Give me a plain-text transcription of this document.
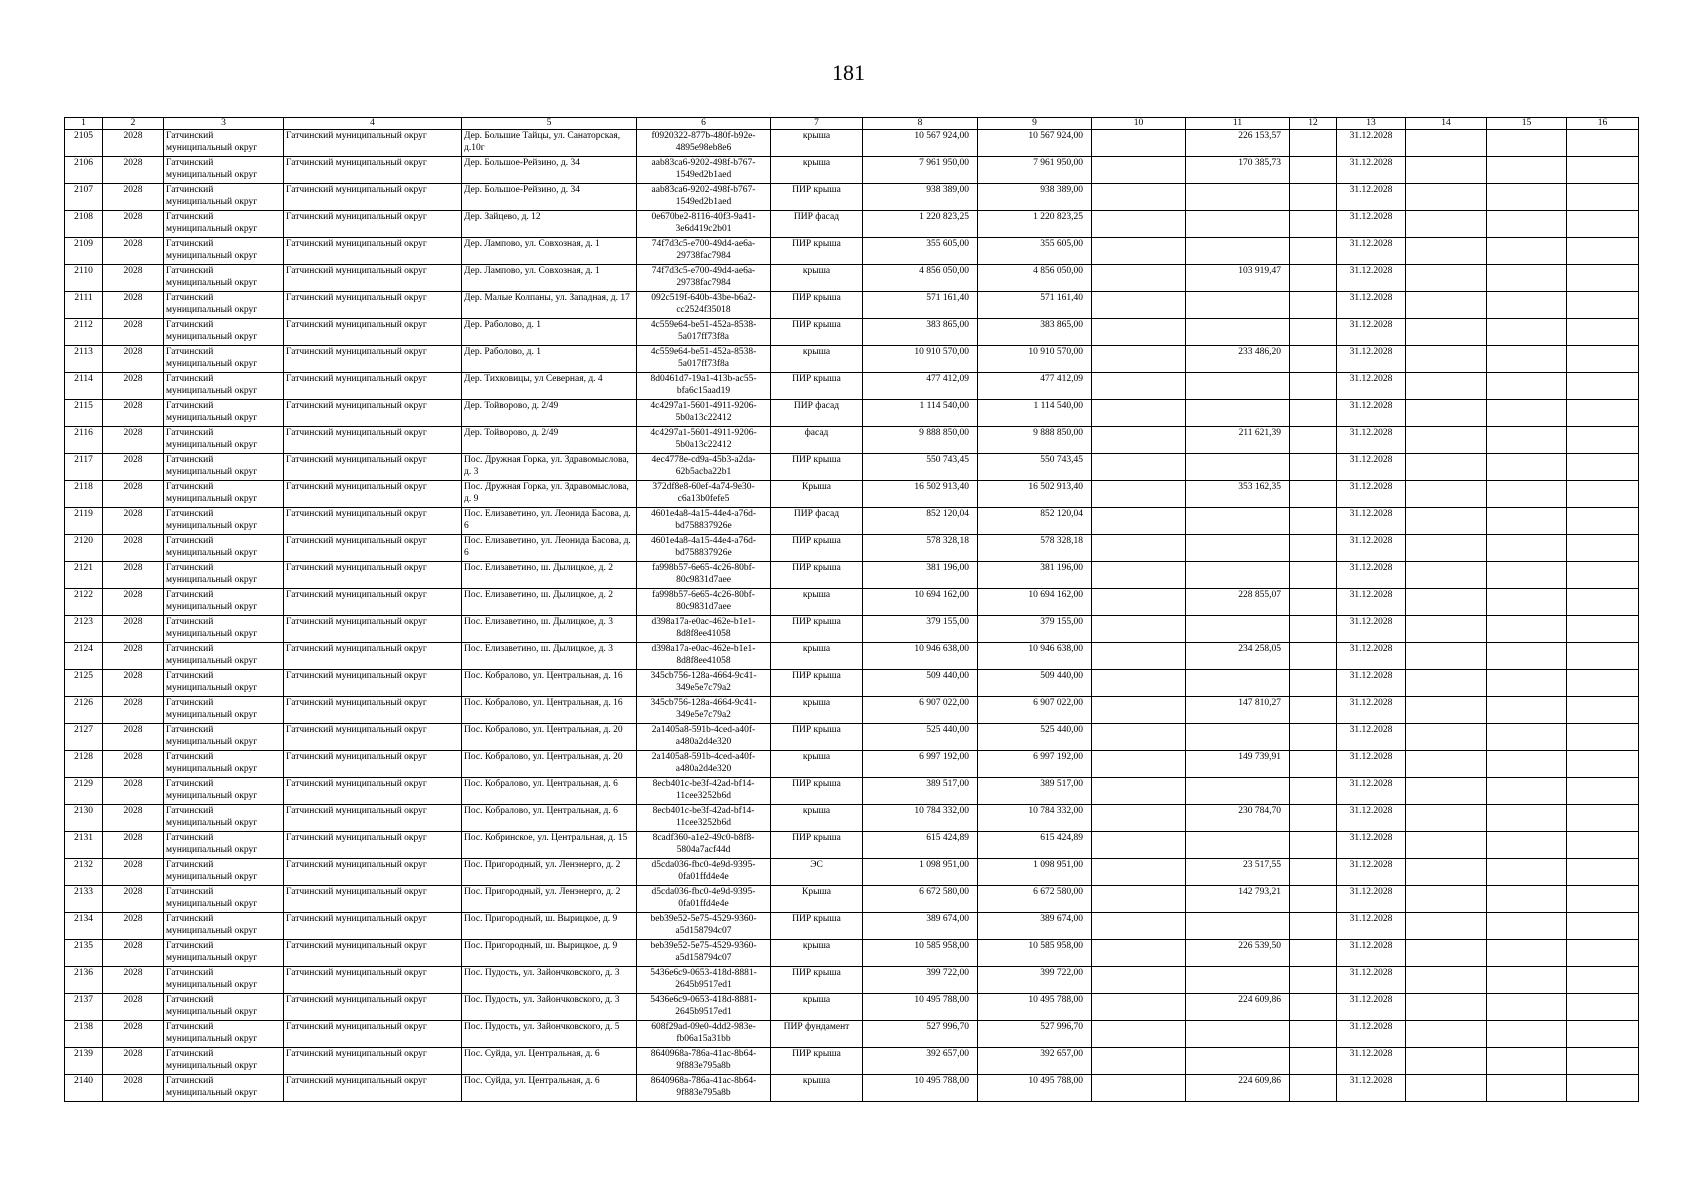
181
1	2	3	4	5	6	7	8	9	10	11	12	13	14	15	16
2105	2028	Гатчинский муниципальный округ	Гатчинский муниципальный округ	Дер. Большие Тайцы, ул. Санаторская, д.10г	f0920322-877b-480f-b92e-4895e98eb8e6	крыша	10 567 924,00	10 567 924,00		226 153,57		31.12.2028			
2106	2028	Гатчинский муниципальный округ	Гатчинский муниципальный округ	Дер. Большое-Рейзино, д. 34	aab83ca6-9202-498f-b767-1549ed2b1aed	крыша	7 961 950,00	7 961 950,00		170 385,73		31.12.2028			
2107	2028	Гатчинский муниципальный округ	Гатчинский муниципальный округ	Дер. Большое-Рейзино, д. 34	aab83ca6-9202-498f-b767-1549ed2b1aed	ПИР крыша	938 389,00	938 389,00				31.12.2028			
2108	2028	Гатчинский муниципальный округ	Гатчинский муниципальный округ	Дер. Зайцево, д. 12	0e670be2-8116-40f3-9a41-3e6d419c2b01	ПИР фасад	1 220 823,25	1 220 823,25				31.12.2028			
2109	2028	Гатчинский муниципальный округ	Гатчинский муниципальный округ	Дер. Лампово, ул. Совхозная, д. 1	74f7d3c5-e700-49d4-ae6a-29738fac7984	ПИР крыша	355 605,00	355 605,00				31.12.2028			
2110	2028	Гатчинский муниципальный округ	Гатчинский муниципальный округ	Дер. Лампово, ул. Совхозная, д. 1	74f7d3c5-e700-49d4-ae6a-29738fac7984	крыша	4 856 050,00	4 856 050,00		103 919,47		31.12.2028			
2111	2028	Гатчинский муниципальный округ	Гатчинский муниципальный округ	Дер. Малые Колпаны, ул. Западная, д. 17	092c519f-640b-43be-b6a2-cc2524f35018	ПИР крыша	571 161,40	571 161,40				31.12.2028			
2112	2028	Гатчинский муниципальный округ	Гатчинский муниципальный округ	Дер. Раболово, д. 1	4c559e64-be51-452a-8538-5a017ff73f8a	ПИР крыша	383 865,00	383 865,00				31.12.2028			
2113	2028	Гатчинский муниципальный округ	Гатчинский муниципальный округ	Дер. Раболово, д. 1	4c559e64-be51-452a-8538-5a017ff73f8a	крыша	10 910 570,00	10 910 570,00		233 486,20		31.12.2028			
2114	2028	Гатчинский муниципальный округ	Гатчинский муниципальный округ	Дер. Тихковицы, ул Северная, д. 4	8d0461d7-19a1-413b-ac55-bfa6c15aad19	ПИР крыша	477 412,09	477 412,09				31.12.2028			
2115	2028	Гатчинский муниципальный округ	Гатчинский муниципальный округ	Дер. Тойворово, д. 2/49	4c4297a1-5601-4911-9206-5b0a13c22412	ПИР фасад	1 114 540,00	1 114 540,00				31.12.2028			
2116	2028	Гатчинский муниципальный округ	Гатчинский муниципальный округ	Дер. Тойворово, д. 2/49	4c4297a1-5601-4911-9206-5b0a13c22412	фасад	9 888 850,00	9 888 850,00		211 621,39		31.12.2028			
2117	2028	Гатчинский муниципальный округ	Гатчинский муниципальный округ	Пос. Дружная Горка, ул. Здравомыслова, д. 3	4ec4778e-cd9a-45b3-a2da-62b5acba22b1	ПИР крыша	550 743,45	550 743,45				31.12.2028			
2118	2028	Гатчинский муниципальный округ	Гатчинский муниципальный округ	Пос. Дружная Горка, ул. Здравомыслова, д. 9	372df8e8-60ef-4a74-9e30-c6a13b0fefe5	Крыша	16 502 913,40	16 502 913,40		353 162,35		31.12.2028			
2119	2028	Гатчинский муниципальный округ	Гатчинский муниципальный округ	Пос. Елизаветино, ул. Леонида Басова, д. 6	4601e4a8-4a15-44e4-a76d-bd758837926e	ПИР фасад	852 120,04	852 120,04				31.12.2028			
2120	2028	Гатчинский муниципальный округ	Гатчинский муниципальный округ	Пос. Елизаветино, ул. Леонида Басова, д. 6	4601e4a8-4a15-44e4-a76d-bd758837926e	ПИР крыша	578 328,18	578 328,18				31.12.2028			
2121	2028	Гатчинский муниципальный округ	Гатчинский муниципальный округ	Пос. Елизаветино, ш. Дылицкое, д. 2	fa998b57-6e65-4c26-80bf-80c9831d7aee	ПИР крыша	381 196,00	381 196,00				31.12.2028			
2122	2028	Гатчинский муниципальный округ	Гатчинский муниципальный округ	Пос. Елизаветино, ш. Дылицкое, д. 2	fa998b57-6e65-4c26-80bf-80c9831d7aee	крыша	10 694 162,00	10 694 162,00		228 855,07		31.12.2028			
2123	2028	Гатчинский муниципальный округ	Гатчинский муниципальный округ	Пос. Елизаветино, ш. Дылицкое, д. 3	d398a17a-e0ac-462e-b1e1-8d8f8ee41058	ПИР крыша	379 155,00	379 155,00				31.12.2028			
2124	2028	Гатчинский муниципальный округ	Гатчинский муниципальный округ	Пос. Елизаветино, ш. Дылицкое, д. 3	d398a17a-e0ac-462e-b1e1-8d8f8ee41058	крыша	10 946 638,00	10 946 638,00		234 258,05		31.12.2028			
2125	2028	Гатчинский муниципальный округ	Гатчинский муниципальный округ	Пос. Кобралово, ул. Центральная, д. 16	345cb756-128a-4664-9c41-349e5e7c79a2	ПИР крыша	509 440,00	509 440,00				31.12.2028			
2126	2028	Гатчинский муниципальный округ	Гатчинский муниципальный округ	Пос. Кобралово, ул. Центральная, д. 16	345cb756-128a-4664-9c41-349e5e7c79a2	крыша	6 907 022,00	6 907 022,00		147 810,27		31.12.2028			
2127	2028	Гатчинский муниципальный округ	Гатчинский муниципальный округ	Пос. Кобралово, ул. Центральная, д. 20	2a1405a8-591b-4ced-a40f-a480a2d4e320	ПИР крыша	525 440,00	525 440,00				31.12.2028			
2128	2028	Гатчинский муниципальный округ	Гатчинский муниципальный округ	Пос. Кобралово, ул. Центральная, д. 20	2a1405a8-591b-4ced-a40f-a480a2d4e320	крыша	6 997 192,00	6 997 192,00		149 739,91		31.12.2028			
2129	2028	Гатчинский муниципальный округ	Гатчинский муниципальный округ	Пос. Кобралово, ул. Центральная, д. 6	8ecb401c-be3f-42ad-bf14-11cee3252b6d	ПИР крыша	389 517,00	389 517,00				31.12.2028			
2130	2028	Гатчинский муниципальный округ	Гатчинский муниципальный округ	Пос. Кобралово, ул. Центральная, д. 6	8ecb401c-be3f-42ad-bf14-11cee3252b6d	крыша	10 784 332,00	10 784 332,00		230 784,70		31.12.2028			
2131	2028	Гатчинский муниципальный округ	Гатчинский муниципальный округ	Пос. Кобринское, ул. Центральная, д. 15	8cadf360-a1e2-49c0-b8f8-5804a7acf44d	ПИР крыша	615 424,89	615 424,89				31.12.2028			
2132	2028	Гатчинский муниципальный округ	Гатчинский муниципальный округ	Пос. Пригородный, ул. Ленэнерго, д. 2	d5cda036-fbc0-4e9d-9395-0fa01ffd4e4e	ЭС	1 098 951,00	1 098 951,00		23 517,55		31.12.2028			
2133	2028	Гатчинский муниципальный округ	Гатчинский муниципальный округ	Пос. Пригородный, ул. Ленэнерго, д. 2	d5cda036-fbc0-4e9d-9395-0fa01ffd4e4e	Крыша	6 672 580,00	6 672 580,00		142 793,21		31.12.2028			
2134	2028	Гатчинский муниципальный округ	Гатчинский муниципальный округ	Пос. Пригородный, ш. Вырицкое, д. 9	beb39e52-5e75-4529-9360-a5d158794c07	ПИР крыша	389 674,00	389 674,00				31.12.2028			
2135	2028	Гатчинский муниципальный округ	Гатчинский муниципальный округ	Пос. Пригородный, ш. Вырицкое, д. 9	beb39e52-5e75-4529-9360-a5d158794c07	крыша	10 585 958,00	10 585 958,00		226 539,50		31.12.2028			
2136	2028	Гатчинский муниципальный округ	Гатчинский муниципальный округ	Пос. Пудость, ул. Зайончковского, д. 3	5436e6c9-0653-418d-8881-2645b9517ed1	ПИР крыша	399 722,00	399 722,00				31.12.2028			
2137	2028	Гатчинский муниципальный округ	Гатчинский муниципальный округ	Пос. Пудость, ул. Зайончковского, д. 3	5436e6c9-0653-418d-8881-2645b9517ed1	крыша	10 495 788,00	10 495 788,00		224 609,86		31.12.2028			
2138	2028	Гатчинский муниципальный округ	Гатчинский муниципальный округ	Пос. Пудость, ул. Зайончковского, д. 5	608f29ad-09e0-4dd2-983e-fb06a15a31bb	ПИР фундамент	527 996,70	527 996,70				31.12.2028			
2139	2028	Гатчинский муниципальный округ	Гатчинский муниципальный округ	Пос. Суйда, ул. Центральная, д. 6	8640968a-786a-41ac-8b64-9f883e795a8b	ПИР крыша	392 657,00	392 657,00				31.12.2028			
2140	2028	Гатчинский муниципальный округ	Гатчинский муниципальный округ	Пос. Суйда, ул. Центральная, д. 6	8640968a-786a-41ac-8b64-9f883e795a8b	крыша	10 495 788,00	10 495 788,00		224 609,86		31.12.2028			
